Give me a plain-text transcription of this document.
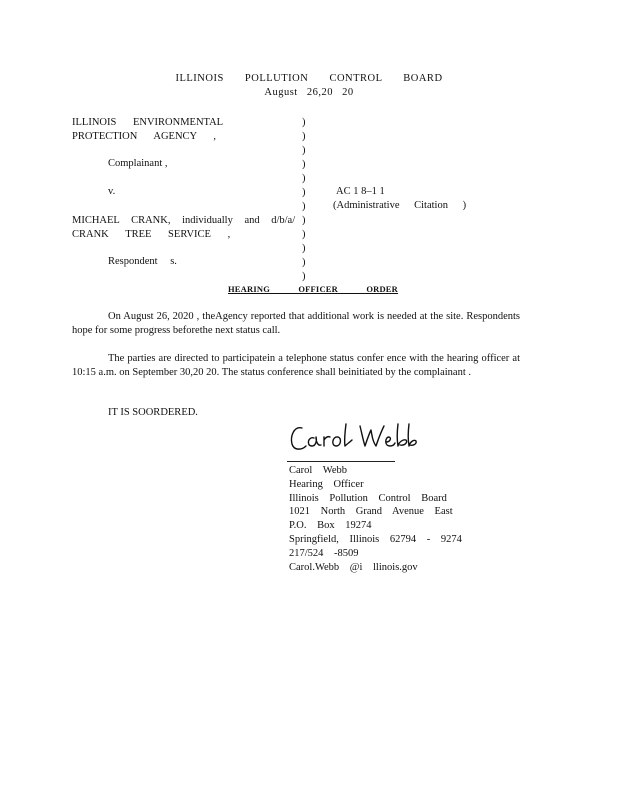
ILLINOIS POLLUTION CONTROL BOARD
August 26,20 20
ILLINOIS ENVIRONMENTAL
PROTECTION AGENCY ,
Complainant ,
v.
MICHAEL CRANK, individually and d/b/a/
CRANK TREE SERVICE ,
Respondent s.
)
)
)
)
)
)
)
)
)
)
)
)
AC 1 8–1 1
(Administrative Citation )
HEARING OFFICER ORDER

On August 26, 2020 , theAgency reported that additional work is needed at the site. Respondents hope for some progress beforethe next status call.

The parties are directed to participatein a telephone status confer ence with the hearing officer at 10:15 a.m. on September 30,20 20. The status conference shall beinitiated by the complainant .

IT IS SOORDERED.
Carol Webb
Hearing Officer
Illinois Pollution Control Board
1021 North Grand Avenue East
P.O. Box 19274
Springfield, Illinois 62794 - 9274
217/524 -8509
Carol.Webb @i llinois.gov
